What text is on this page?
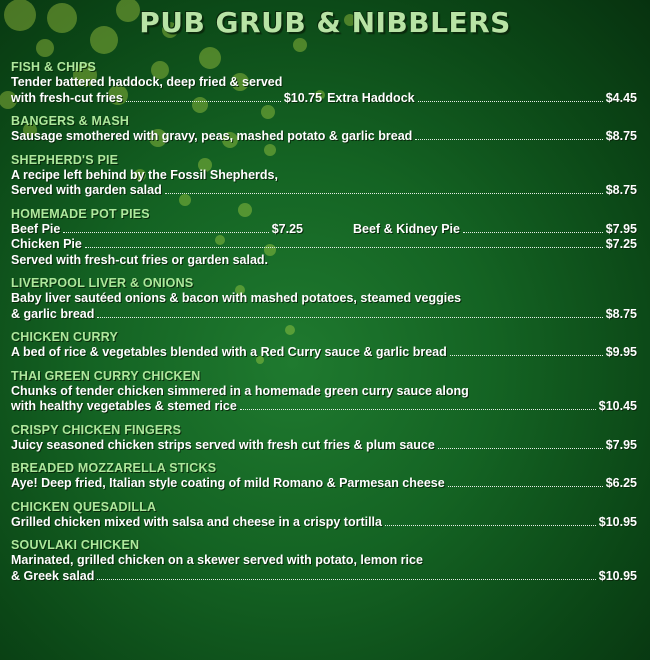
PUB GRUB & NIBBLERS
FISH & CHIPS
Tender battered haddock, deep fried & served
with fresh-cut fries	$10.75 Extra Haddock	$4.45
BANGERS & MASH
Sausage smothered with gravy, peas, mashed potato & garlic bread	$8.75
SHEPHERD'S PIE
A recipe left behind by the Fossil Shepherds,
Served with garden salad	$8.75
HOMEMADE POT PIES
Beef Pie	$7.25	Beef & Kidney Pie	$7.95
Chicken Pie	$7.25
Served with fresh-cut fries or garden salad.
LIVERPOOL LIVER & ONIONS
Baby liver sautéed onions & bacon with mashed potatoes, steamed veggies
& garlic bread	$8.75
CHICKEN CURRY
A bed of rice & vegetables blended with a Red Curry sauce & garlic bread	$9.95
THAI GREEN CURRY CHICKEN
Chunks of tender chicken simmered in a homemade green curry sauce along
with healthy vegetables & stemed rice	$10.45
CRISPY CHICKEN FINGERS
Juicy seasoned chicken strips served with fresh cut fries & plum sauce	$7.95
BREADED MOZZARELLA STICKS
Aye! Deep fried, Italian style coating of mild Romano & Parmesan cheese	$6.25
CHICKEN QUESADILLA
Grilled chicken mixed with salsa and cheese in a crispy tortilla	$10.95
SOUVLAKI CHICKEN
Marinated, grilled chicken on a skewer served with potato, lemon rice
& Greek salad	$10.95
